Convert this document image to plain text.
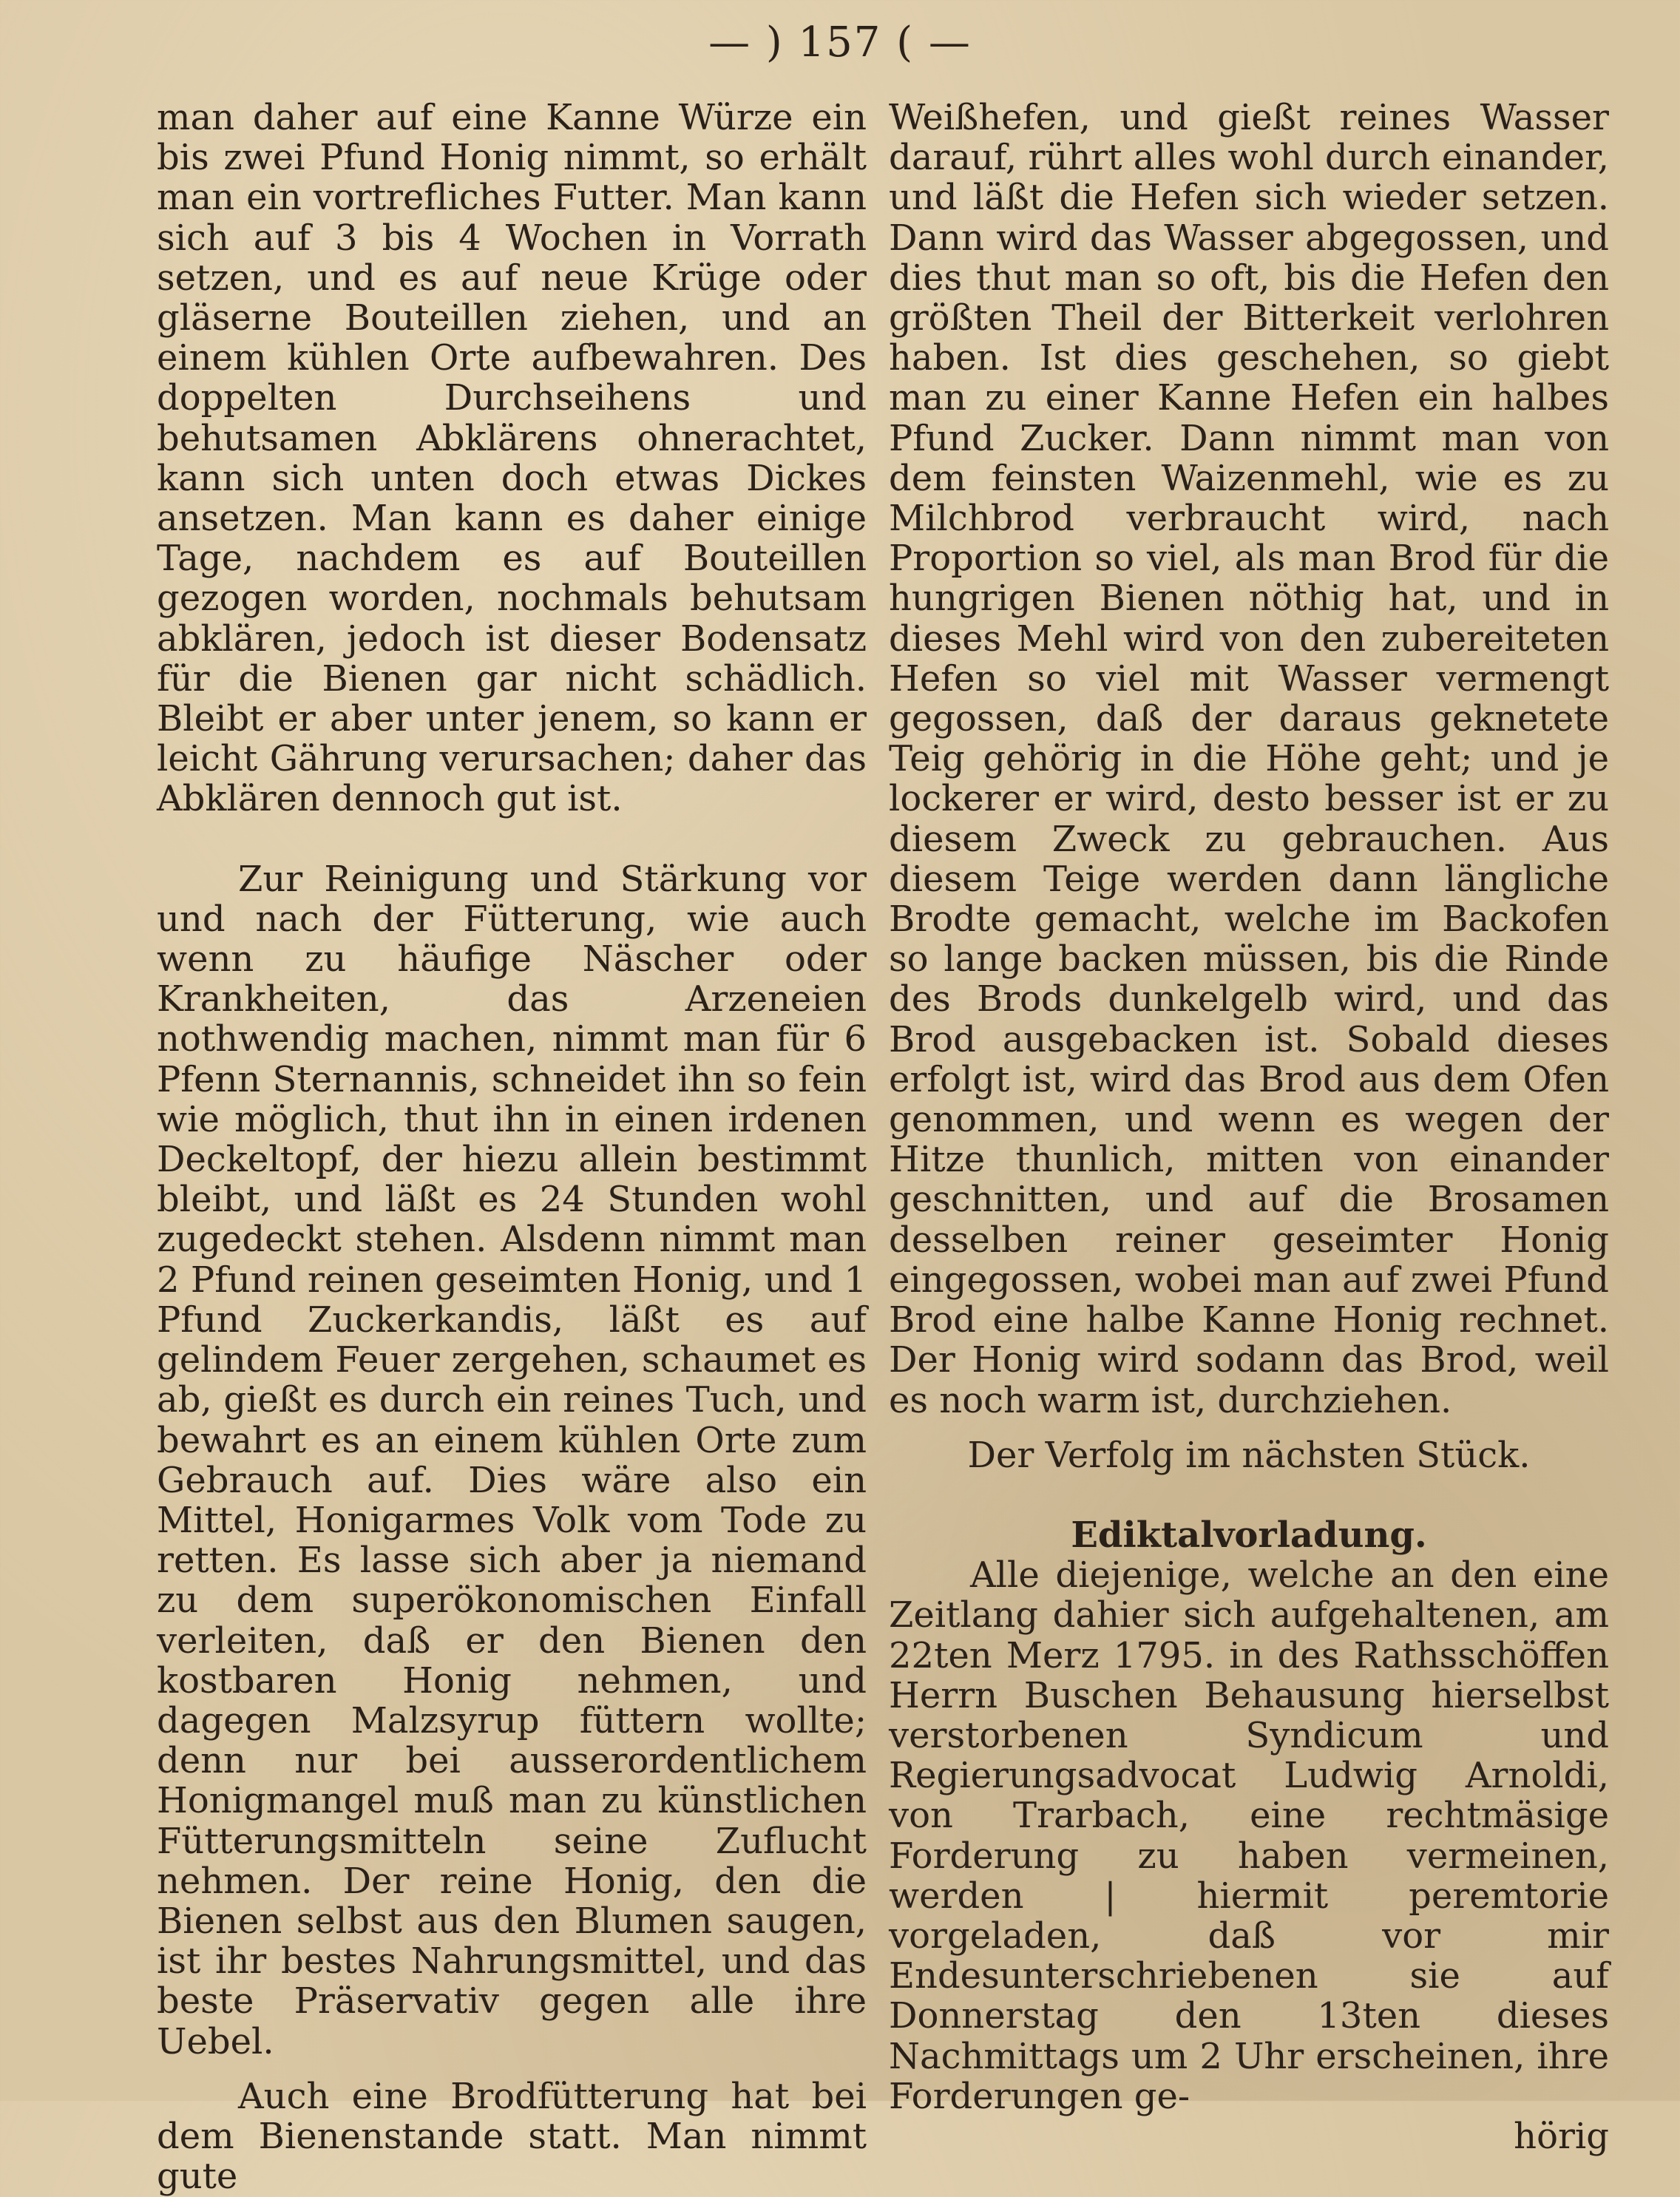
— ) 157 ( —

man daher auf eine Kanne Würze ein bis zwei Pfund Honig nimmt, so erhält man ein vortrefliches Futter. Man kann sich auf 3 bis 4 Wochen in Vorrath setzen, und es auf neue Krüge oder gläserne Bouteillen ziehen, und an einem kühlen Orte aufbewahren. Des doppelten Durchseihens und behutsamen Abklärens ohnerachtet, kann sich unten doch etwas Dickes ansetzen. Man kann es daher einige Tage, nachdem es auf Bouteillen gezogen worden, nochmals behutsam abklären, jedoch ist dieser Bodensatz für die Bienen gar nicht schädlich. Bleibt er aber unter jenem, so kann er leicht Gährung verursachen; daher das Abklären dennoch gut ist.

Zur Reinigung und Stärkung vor und nach der Fütterung, wie auch wenn zu häufige Näscher oder Krankheiten, das Arzeneien nothwendig machen, nimmt man für 6 Pfenn Sternannis, schneidet ihn so fein wie möglich, thut ihn in einen irdenen Deckeltopf, der hiezu allein bestimmt bleibt, und läßt es 24 Stunden wohl zugedeckt stehen. Alsdenn nimmt man 2 Pfund reinen geseimten Honig, und 1 Pfund Zuckerkandis, läßt es auf gelindem Feuer zergehen, schaumet es ab, gießt es durch ein reines Tuch, und bewahrt es an einem kühlen Orte zum Gebrauch auf. Dies wäre also ein Mittel, Honigarmes Volk vom Tode zu retten. Es lasse sich aber ja niemand zu dem superökonomischen Einfall verleiten, daß er den Bienen den kostbaren Honig nehmen, und dagegen Malzsyrup füttern wollte; denn nur bei ausserordentlichem Honigmangel muß man zu künstlichen Fütterungsmitteln seine Zuflucht nehmen. Der reine Honig, den die Bienen selbst aus den Blumen saugen, ist ihr bestes Nahrungsmittel, und das beste Präservativ gegen alle ihre Uebel.

Auch eine Brodfütterung hat bei dem Bienenstande statt. Man nimmt gute

Weißhefen, und gießt reines Wasser darauf, rührt alles wohl durch einander, und läßt die Hefen sich wieder setzen. Dann wird das Wasser abgegossen, und dies thut man so oft, bis die Hefen den größten Theil der Bitterkeit verlohren haben. Ist dies geschehen, so giebt man zu einer Kanne Hefen ein halbes Pfund Zucker. Dann nimmt man von dem feinsten Waizenmehl, wie es zu Milchbrod verbraucht wird, nach Proportion so viel, als man Brod für die hungrigen Bienen nöthig hat, und in dieses Mehl wird von den zubereiteten Hefen so viel mit Wasser vermengt gegossen, daß der daraus geknetete Teig gehörig in die Höhe geht; und je lockerer er wird, desto besser ist er zu diesem Zweck zu gebrauchen. Aus diesem Teige werden dann längliche Brodte gemacht, welche im Backofen so lange backen müssen, bis die Rinde des Brods dunkelgelb wird, und das Brod ausgebacken ist. Sobald dieses erfolgt ist, wird das Brod aus dem Ofen genommen, und wenn es wegen der Hitze thunlich, mitten von einander geschnitten, und auf die Brosamen desselben reiner geseimter Honig eingegossen, wobei man auf zwei Pfund Brod eine halbe Kanne Honig rechnet. Der Honig wird sodann das Brod, weil es noch warm ist, durchziehen.

Der Verfolg im nächsten Stück.

Ediktalvorladung.

Alle diejenige, welche an den eine Zeitlang dahier sich aufgehaltenen, am 22ten Merz 1795. in des Rathsschöffen Herrn Buschen Behausung hierselbst verstorbenen Syndicum und Regierungsadvocat Ludwig Arnoldi, von Trarbach, eine rechtmäsige Forderung zu haben vermeinen, werden | hiermit peremtorie vorgeladen, daß vor mir Endesunterschriebenen sie auf Donnerstag den 13ten dieses Nachmittags um 2 Uhr erscheinen, ihre Forderungen ge-

hörig
